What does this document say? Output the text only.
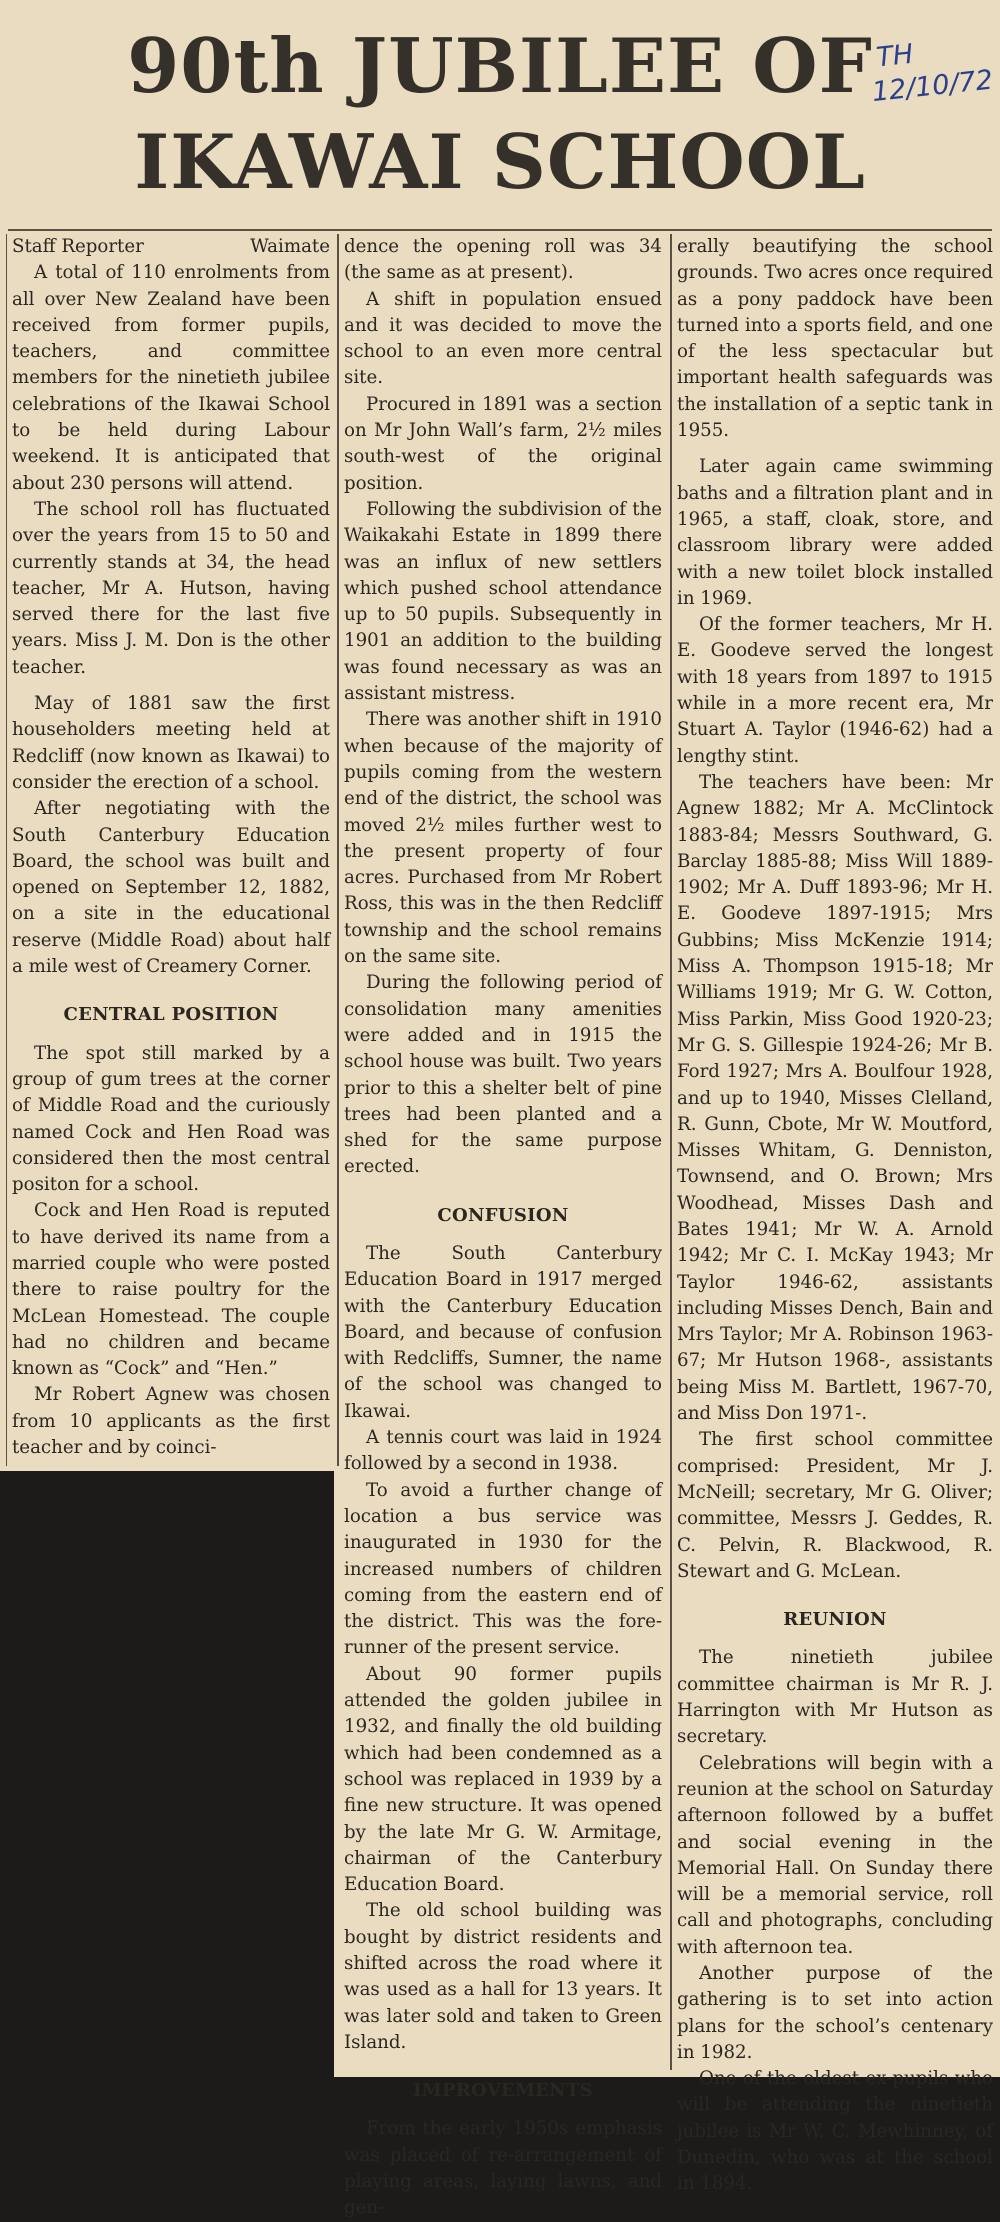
90th JUBILEE OF
IKAWAI SCHOOL
TH
12/10/72
Staff Reporter	Waimate

A total of 110 enrolments from all over New Zealand have been received from former pupils, teachers, and committee members for the ninetieth jubilee celebrations of the Ikawai School to be held during Labour weekend. It is anticipated that about 230 persons will attend.

The school roll has fluctuated over the years from 15 to 50 and currently stands at 34, the head teacher, Mr A. Hutson, having served there for the last five years. Miss J. M. Don is the other teacher.

May of 1881 saw the first householders meeting held at Redcliff (now known as Ikawai) to consider the erection of a school.

After negotiating with the South Canterbury Education Board, the school was built and opened on September 12, 1882, on a site in the educational reserve (Middle Road) about half a mile west of Creamery Corner.

CENTRAL POSITION

The spot still marked by a group of gum trees at the corner of Middle Road and the curiously named Cock and Hen Road was considered then the most central positon for a school.

Cock and Hen Road is reputed to have derived its name from a married couple who were posted there to raise poultry for the McLean Homestead. The couple had no children and became known as “Cock” and “Hen.”

Mr Robert Agnew was chosen from 10 applicants as the first teacher and by coinci-

dence the opening roll was 34 (the same as at present).

A shift in population ensued and it was decided to move the school to an even more central site.

Procured in 1891 was a section on Mr John Wall’s farm, 2½ miles south-west of the original position.

Following the subdivision of the Waikakahi Estate in 1899 there was an influx of new settlers which pushed school attendance up to 50 pupils. Subsequently in 1901 an addition to the building was found necessary as was an assistant mistress.

There was another shift in 1910 when because of the majority of pupils coming from the western end of the district, the school was moved 2½ miles further west to the present property of four acres. Purchased from Mr Robert Ross, this was in the then Redcliff township and the school remains on the same site.

During the following period of consolidation many amenities were added and in 1915 the school house was built. Two years prior to this a shelter belt of pine trees had been planted and a shed for the same purpose erected.

CONFUSION

The South Canterbury Education Board in 1917 merged with the Canterbury Education Board, and because of confusion with Redcliffs, Sumner, the name of the school was changed to Ikawai.

A tennis court was laid in 1924 followed by a second in 1938.

To avoid a further change of location a bus service was inaugurated in 1930 for the increased numbers of children coming from the eastern end of the district. This was the fore-runner of the present service.

About 90 former pupils attended the golden jubilee in 1932, and finally the old building which had been condemned as a school was replaced in 1939 by a fine new structure. It was opened by the late Mr G. W. Armitage, chairman of the Canterbury Education Board.

The old school building was bought by district residents and shifted across the road where it was used as a hall for 13 years. It was later sold and taken to Green Island.

IMPROVEMENTS

From the early 1950s emphasis was placed of re-arrangement of playing areas, laying lawns, and gen-

erally beautifying the school grounds. Two acres once required as a pony paddock have been turned into a sports field, and one of the less spectacular but important health safeguards was the installation of a septic tank in 1955.

Later again came swimming baths and a filtration plant and in 1965, a staff, cloak, store, and classroom library were added with a new toilet block installed in 1969.

Of the former teachers, Mr H. E. Goodeve served the longest with 18 years from 1897 to 1915 while in a more recent era, Mr Stuart A. Taylor (1946-62) had a lengthy stint.

The teachers have been: Mr Agnew 1882; Mr A. McClintock 1883-84; Messrs Southward, G. Barclay 1885-88; Miss Will 1889-1902; Mr A. Duff 1893-96; Mr H. E. Goodeve 1897-1915; Mrs Gubbins; Miss McKenzie 1914; Miss A. Thompson 1915-18; Mr Williams 1919; Mr G. W. Cotton, Miss Parkin, Miss Good 1920-23; Mr G. S. Gillespie 1924-26; Mr B. Ford 1927; Mrs A. Boulfour 1928, and up to 1940, Misses Clelland, R. Gunn, Cbote, Mr W. Moutford, Misses Whitam, G. Denniston, Townsend, and O. Brown; Mrs Woodhead, Misses Dash and Bates 1941; Mr W. A. Arnold 1942; Mr C. I. McKay 1943; Mr Taylor 1946-62, assistants including Misses Dench, Bain and Mrs Taylor; Mr A. Robinson 1963-67; Mr Hutson 1968-, assistants being Miss M. Bartlett, 1967-70, and Miss Don 1971-.

The first school committee comprised: President, Mr J. McNeill; secretary, Mr G. Oliver; committee, Messrs J. Geddes, R. C. Pelvin, R. Blackwood, R. Stewart and G. McLean.

REUNION

The ninetieth jubilee committee chairman is Mr R. J. Harrington with Mr Hutson as secretary.

Celebrations will begin with a reunion at the school on Saturday afternoon followed by a buffet and social evening in the Memorial Hall. On Sunday there will be a memorial service, roll call and photographs, concluding with afternoon tea.

Another purpose of the gathering is to set into action plans for the school’s centenary in 1982.

One of the oldest ex-pupils who will be attending the ninetieth jubilee is Mr W. C. Mewhinney, of Dunedin, who was at the school in 1894.
